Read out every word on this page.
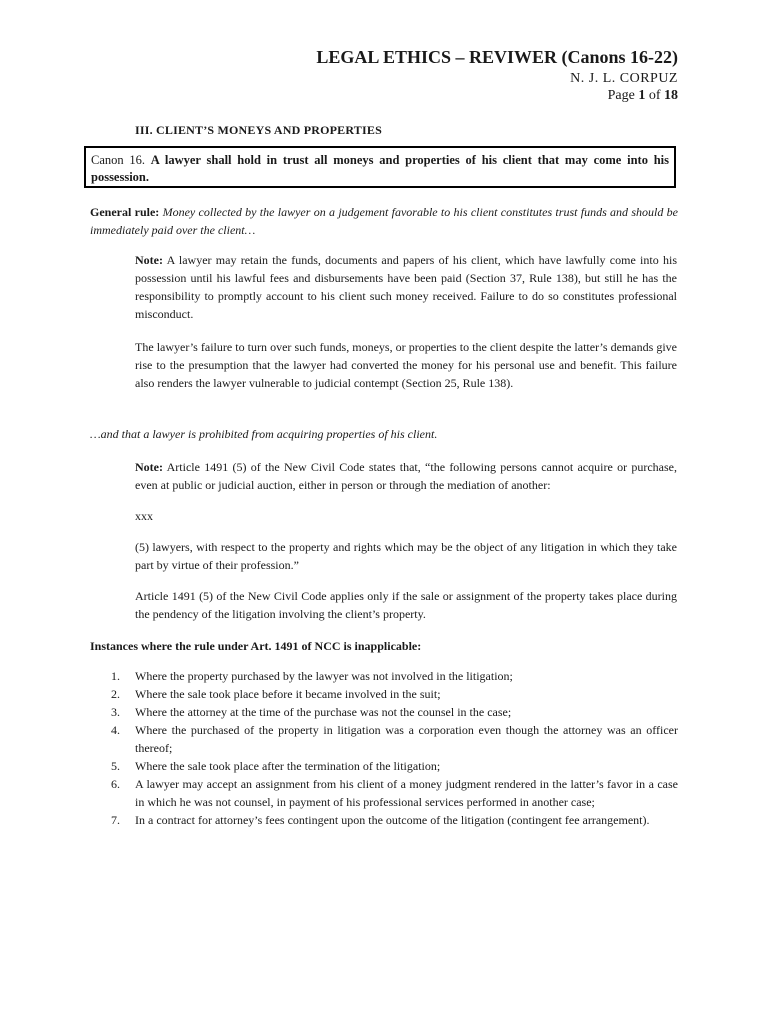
LEGAL ETHICS – REVIWER (Canons 16-22)
N. J. L. CORPUZ
Page 1 of 18
III. CLIENT’S MONEYS AND PROPERTIES
Canon 16. A lawyer shall hold in trust all moneys and properties of his client that may come into his possession.
General rule: Money collected by the lawyer on a judgement favorable to his client constitutes trust funds and should be immediately paid over the client…
Note: A lawyer may retain the funds, documents and papers of his client, which have lawfully come into his possession until his lawful fees and disbursements have been paid (Section 37, Rule 138), but still he has the responsibility to promptly account to his client such money received. Failure to do so constitutes professional misconduct.
The lawyer’s failure to turn over such funds, moneys, or properties to the client despite the latter’s demands give rise to the presumption that the lawyer had converted the money for his personal use and benefit. This failure also renders the lawyer vulnerable to judicial contempt (Section 25, Rule 138).
…and that a lawyer is prohibited from acquiring properties of his client.
Note: Article 1491 (5) of the New Civil Code states that, “the following persons cannot acquire or purchase, even at public or judicial auction, either in person or through the mediation of another:
xxx
(5) lawyers, with respect to the property and rights which may be the object of any litigation in which they take part by virtue of their profession.”
Article 1491 (5) of the New Civil Code applies only if the sale or assignment of the property takes place during the pendency of the litigation involving the client’s property.
Instances where the rule under Art. 1491 of NCC is inapplicable:
1. Where the property purchased by the lawyer was not involved in the litigation;
2. Where the sale took place before it became involved in the suit;
3. Where the attorney at the time of the purchase was not the counsel in the case;
4. Where the purchased of the property in litigation was a corporation even though the attorney was an officer thereof;
5. Where the sale took place after the termination of the litigation;
6. A lawyer may accept an assignment from his client of a money judgment rendered in the latter’s favor in a case in which he was not counsel, in payment of his professional services performed in another case;
7. In a contract for attorney’s fees contingent upon the outcome of the litigation (contingent fee arrangement).
